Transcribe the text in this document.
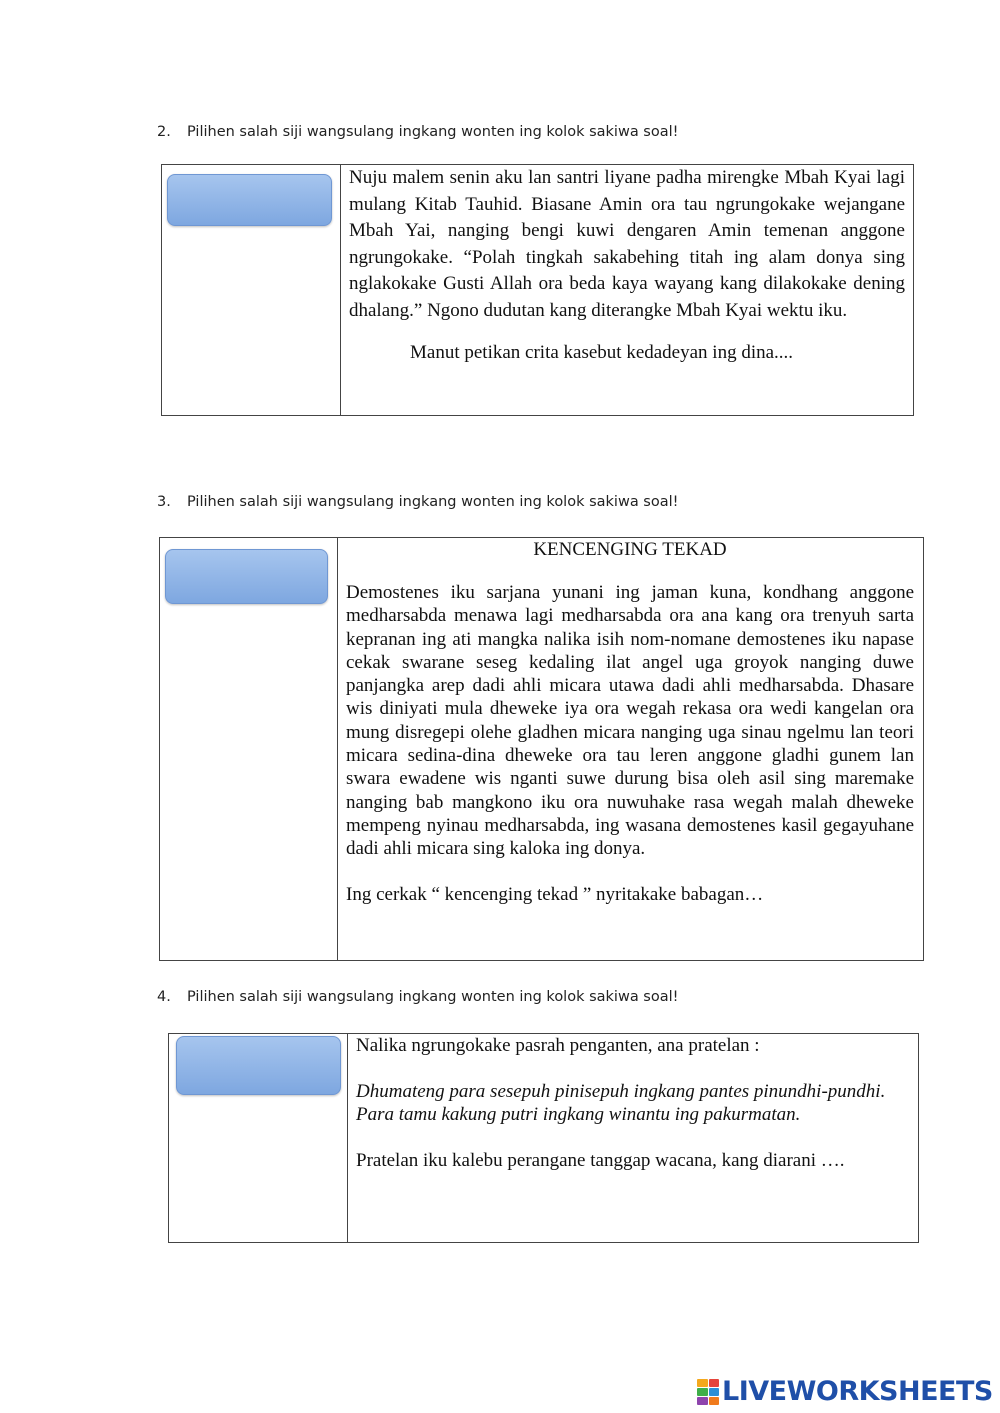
2. Pilihen salah siji wangsulang ingkang wonten ing kolok sakiwa soal!

Nuju malem senin aku lan santri liyane padha mirengke Mbah Kyai lagi mulang Kitab Tauhid. Biasane Amin ora tau ngrungokake wejangane Mbah Yai, nanging bengi kuwi dengaren Amin temenan anggone ngrungokake. “Polah tingkah sakabehing titah ing alam donya sing nglakokake Gusti Allah ora beda kaya wayang kang dilakokake dening dhalang.” Ngono dudutan kang diterangke Mbah Kyai wektu iku.

Manut petikan crita kasebut kedadeyan ing dina....

3. Pilihen salah siji wangsulang ingkang wonten ing kolok sakiwa soal!

KENCENGING TEKAD

Demostenes iku sarjana yunani ing jaman kuna, kondhang anggone medharsabda menawa lagi medharsabda ora ana kang ora trenyuh sarta kepranan ing ati mangka nalika isih nom-nomane demostenes iku napase cekak swarane seseg kedaling ilat angel uga groyok nanging duwe panjangka arep dadi ahli micara utawa dadi ahli medharsabda. Dhasare wis diniyati mula dheweke iya ora wegah rekasa ora wedi kangelan ora mung disregepi olehe gladhen micara nanging uga sinau ngelmu lan teori micara sedina-dina dheweke ora tau leren anggone gladhi gunem lan swara ewadene wis nganti suwe durung bisa oleh asil sing maremake nanging bab mangkono iku ora nuwuhake rasa wegah malah dheweke mempeng nyinau medharsabda, ing wasana demostenes kasil gegayuhane dadi ahli micara sing kaloka ing donya.

Ing cerkak “ kencenging tekad ” nyritakake babagan…

4. Pilihen salah siji wangsulang ingkang wonten ing kolok sakiwa soal!

Nalika ngrungokake pasrah penganten, ana pratelan :

Dhumateng para sesepuh pinisepuh ingkang pantes pinundhi-pundhi.

Para tamu kakung putri ingkang winantu ing pakurmatan.

Pratelan iku kalebu perangane tanggap wacana, kang diarani ….

LIVEWORKSHEETS
